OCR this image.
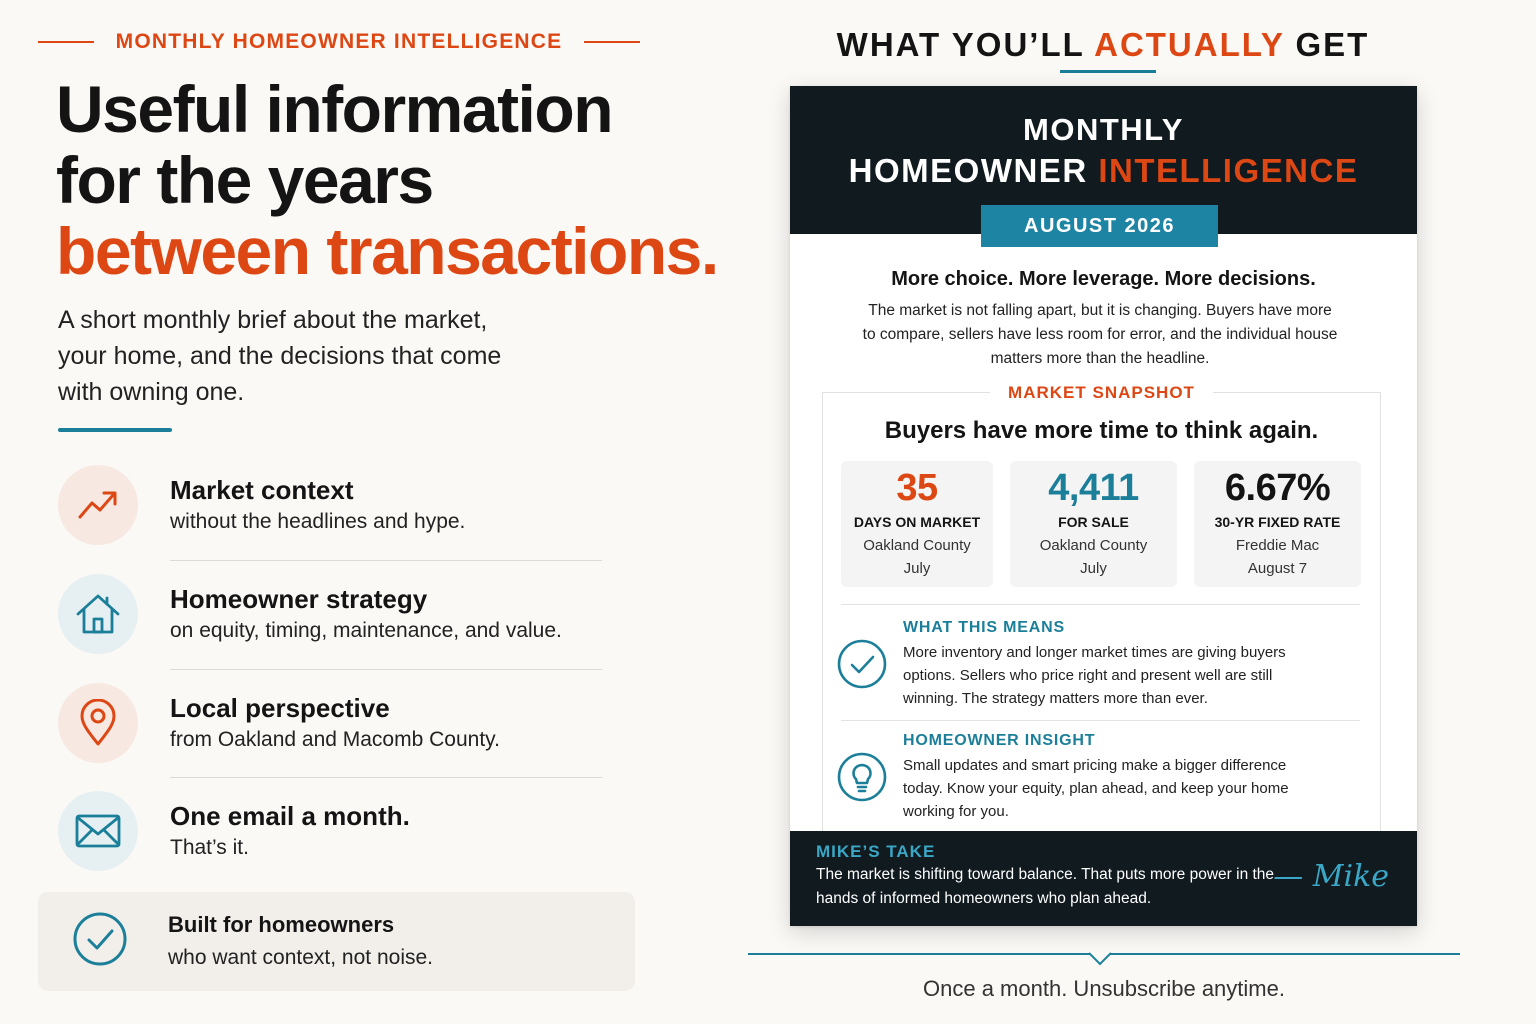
MONTHLY HOMEOWNER INTELLIGENCE
Useful information
for the years
between transactions.

A short monthly brief about the market, your home, and the decisions that come with owning one.

Market context
without the headlines and hype.
Homeowner strategy
on equity, timing, maintenance, and value.
Local perspective
from Oakland and Macomb County.
One email a month.
That’s it.
Built for homeowners
who want context, not noise.
WHAT YOU’LL ACTUALLY GET
MONTHLY
HOMEOWNER INTELLIGENCE
AUGUST 2026
More choice. More leverage. More decisions.
The market is not falling apart, but it is changing. Buyers have more to compare, sellers have less room for error, and the individual house matters more than the headline.
MARKET SNAPSHOT
Buyers have more time to think again.
35
DAYS ON MARKET
Oakland County
July
4,411
FOR SALE
Oakland County
July
6.67%
30-YR FIXED RATE
Freddie Mac
August 7
WHAT THIS MEANS
More inventory and longer market times are giving buyers options. Sellers who price right and present well are still winning. The strategy matters more than ever.
HOMEOWNER INSIGHT
Small updates and smart pricing make a bigger difference today. Know your equity, plan ahead, and keep your home working for you.
MIKE’S TAKE
The market is shifting toward balance. That puts more power in the hands of informed homeowners who plan ahead.
— Mike
Once a month. Unsubscribe anytime.
